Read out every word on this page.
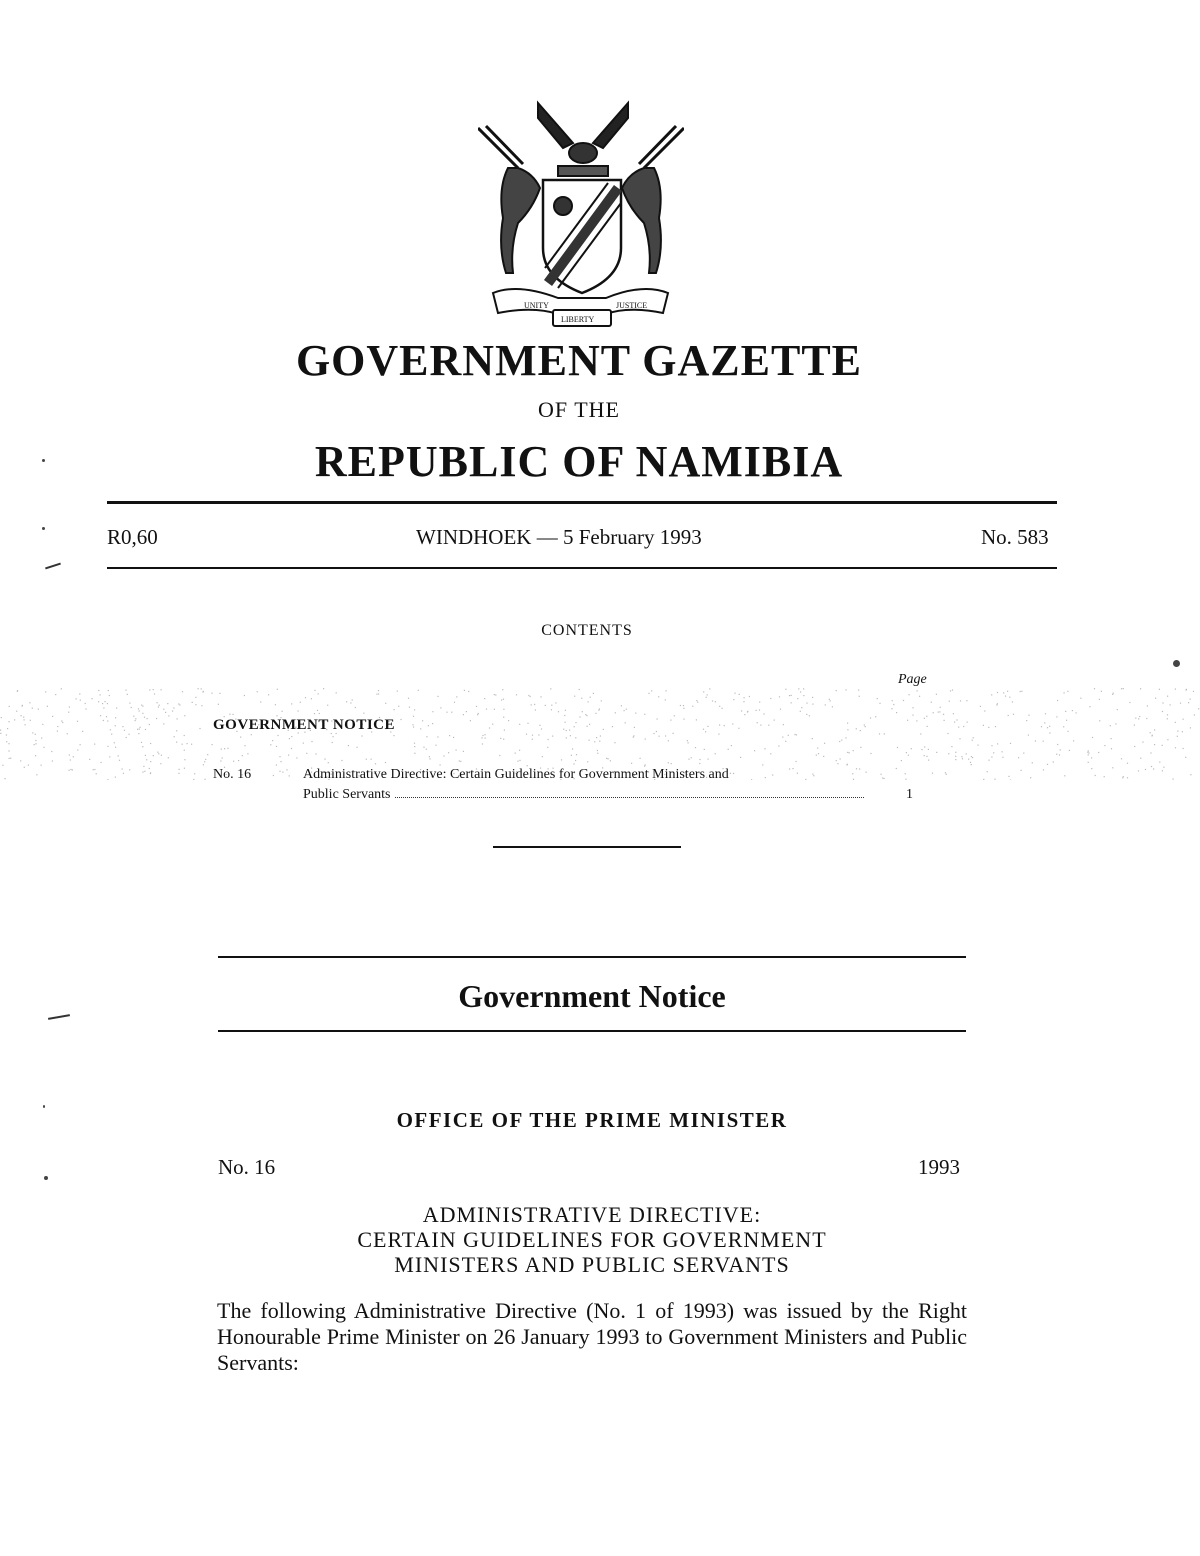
UNITY
LIBERTY
JUSTICE
GOVERNMENT GAZETTE
OF THE
REPUBLIC OF NAMIBIA
R0,60	WINDHOEK — 5 February 1993	No. 583
CONTENTS
Page
GOVERNMENT NOTICE
No. 16	Administrative Directive: Certain Guidelines for Government Ministers and
Public Servants	1
Government Notice
OFFICE OF THE PRIME MINISTER
No. 16	1993
ADMINISTRATIVE DIRECTIVE:
CERTAIN GUIDELINES FOR GOVERNMENT
MINISTERS AND PUBLIC SERVANTS
The following Administrative Directive (No. 1 of 1993) was issued by the Right Honourable Prime Minister on 26 January 1993 to Government Ministers and Public Servants:
